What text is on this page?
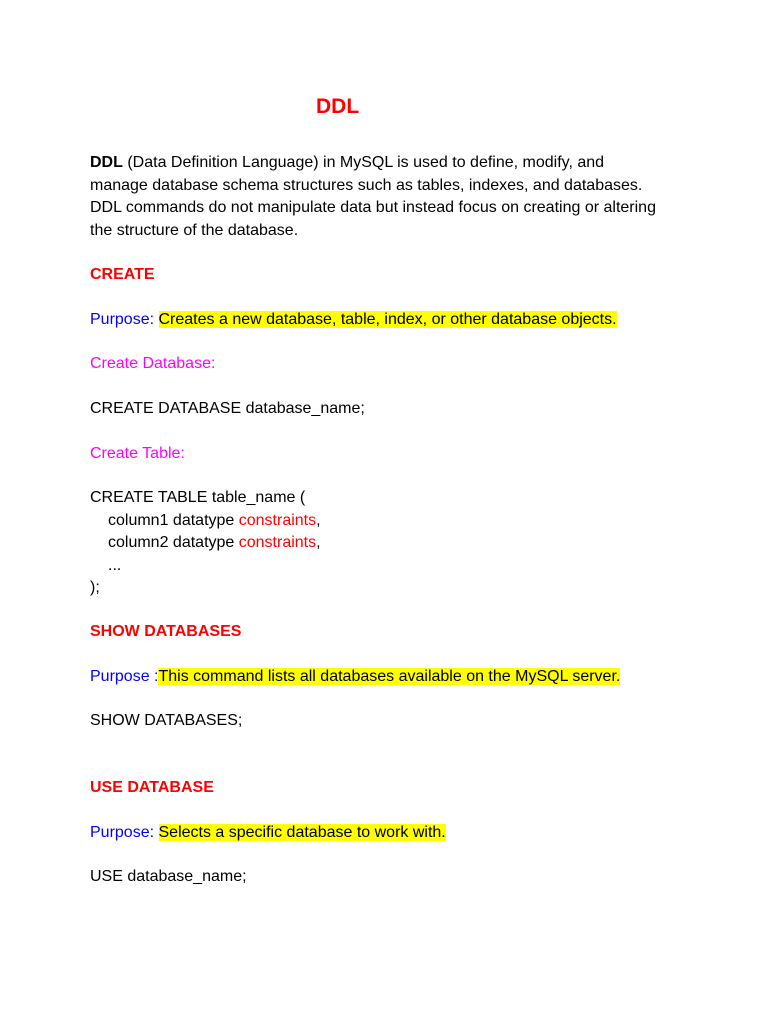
DDL
DDL (Data Definition Language) in MySQL is used to define, modify, and
manage database schema structures such as tables, indexes, and databases.
DDL commands do not manipulate data but instead focus on creating or altering
the structure of the database.
CREATE
Purpose: Creates a new database, table, index, or other database objects.
Create Database:
CREATE DATABASE database_name;
Create Table:
CREATE TABLE table_name (
column1 datatype constraints,
column2 datatype constraints,
...
);
SHOW DATABASES
Purpose :This command lists all databases available on the MySQL server.
SHOW DATABASES;
USE DATABASE
Purpose: Selects a specific database to work with.
USE database_name;
